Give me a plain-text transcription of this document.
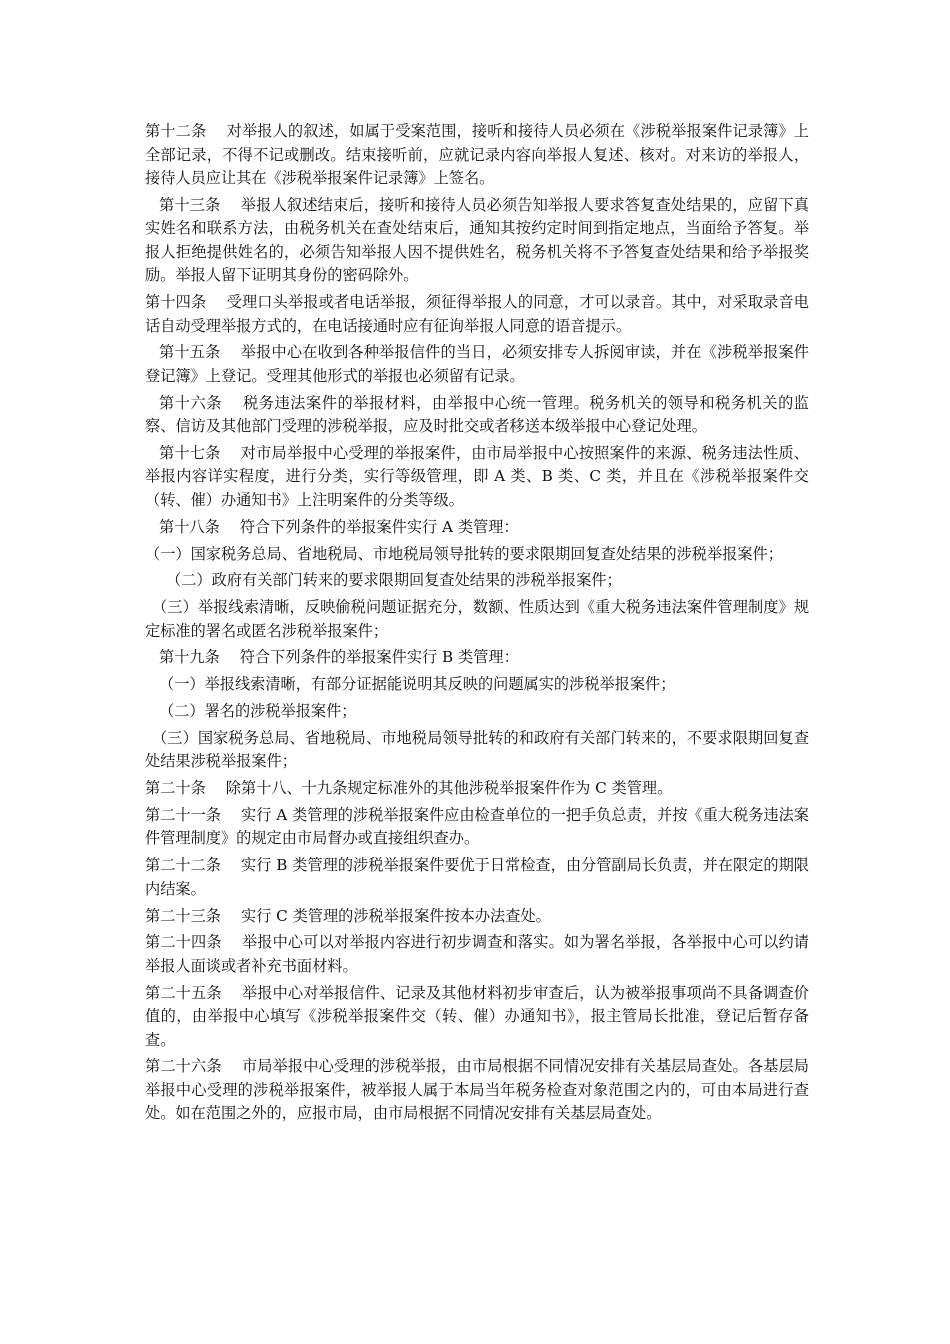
第十二条　 对举报人的叙述，如属于受案范围，接听和接待人员必须在《涉税举报案件记录簿》上全部记录，不得不记或删改。结束接听前，应就记录内容向举报人复述、核对。对来访的举报人，接待人员应让其在《涉税举报案件记录簿》上签名。

第十三条　 举报人叙述结束后，接听和接待人员必须告知举报人要求答复查处结果的，应留下真实姓名和联系方法，由税务机关在查处结束后，通知其按约定时间到指定地点，当面给予答复。举报人拒绝提供姓名的，必须告知举报人因不提供姓名，税务机关将不予答复查处结果和给予举报奖励。举报人留下证明其身份的密码除外。

第十四条　 受理口头举报或者电话举报，须征得举报人的同意，才可以录音。其中，对采取录音电话自动受理举报方式的，在电话接通时应有征询举报人同意的语音提示。

第十五条　 举报中心在收到各种举报信件的当日，必须安排专人拆阅审读，并在《涉税举报案件登记簿》上登记。受理其他形式的举报也必须留有记录。

第十六条　 税务违法案件的举报材料，由举报中心统一管理。税务机关的领导和税务机关的监察、信访及其他部门受理的涉税举报，应及时批交或者移送本级举报中心登记处理。

第十七条　 对市局举报中心受理的举报案件，由市局举报中心按照案件的来源、税务违法性质、举报内容详实程度，进行分类，实行等级管理，即 A 类、B 类、C 类，并且在《涉税举报案件交（转、催）办通知书》上注明案件的分类等级。

第十八条　 符合下列条件的举报案件实行 A 类管理：

（一）国家税务总局、省地税局、市地税局领导批转的要求限期回复查处结果的涉税举报案件；

（二）政府有关部门转来的要求限期回复查处结果的涉税举报案件；

（三）举报线索清晰，反映偷税问题证据充分，数额、性质达到《重大税务违法案件管理制度》规定标准的署名或匿名涉税举报案件；

第十九条　 符合下列条件的举报案件实行 B 类管理：

（一）举报线索清晰，有部分证据能说明其反映的问题属实的涉税举报案件；

（二）署名的涉税举报案件；

（三）国家税务总局、省地税局、市地税局领导批转的和政府有关部门转来的，不要求限期回复查处结果涉税举报案件；

第二十条　 除第十八、十九条规定标准外的其他涉税举报案件作为 C 类管理。

第二十一条　 实行 A 类管理的涉税举报案件应由检查单位的一把手负总责，并按《重大税务违法案件管理制度》的规定由市局督办或直接组织查办。

第二十二条　 实行 B 类管理的涉税举报案件要优于日常检查，由分管副局长负责，并在限定的期限内结案。

第二十三条　 实行 C 类管理的涉税举报案件按本办法查处。

第二十四条　 举报中心可以对举报内容进行初步调查和落实。如为署名举报，各举报中心可以约请举报人面谈或者补充书面材料。

第二十五条　 举报中心对举报信件、记录及其他材料初步审查后，认为被举报事项尚不具备调查价值的，由举报中心填写《涉税举报案件交（转、催）办通知书》，报主管局长批准，登记后暂存备查。

第二十六条　 市局举报中心受理的涉税举报，由市局根据不同情况安排有关基层局查处。各基层局举报中心受理的涉税举报案件，被举报人属于本局当年税务检查对象范围之内的，可由本局进行查处。如在范围之外的，应报市局，由市局根据不同情况安排有关基层局查处。
